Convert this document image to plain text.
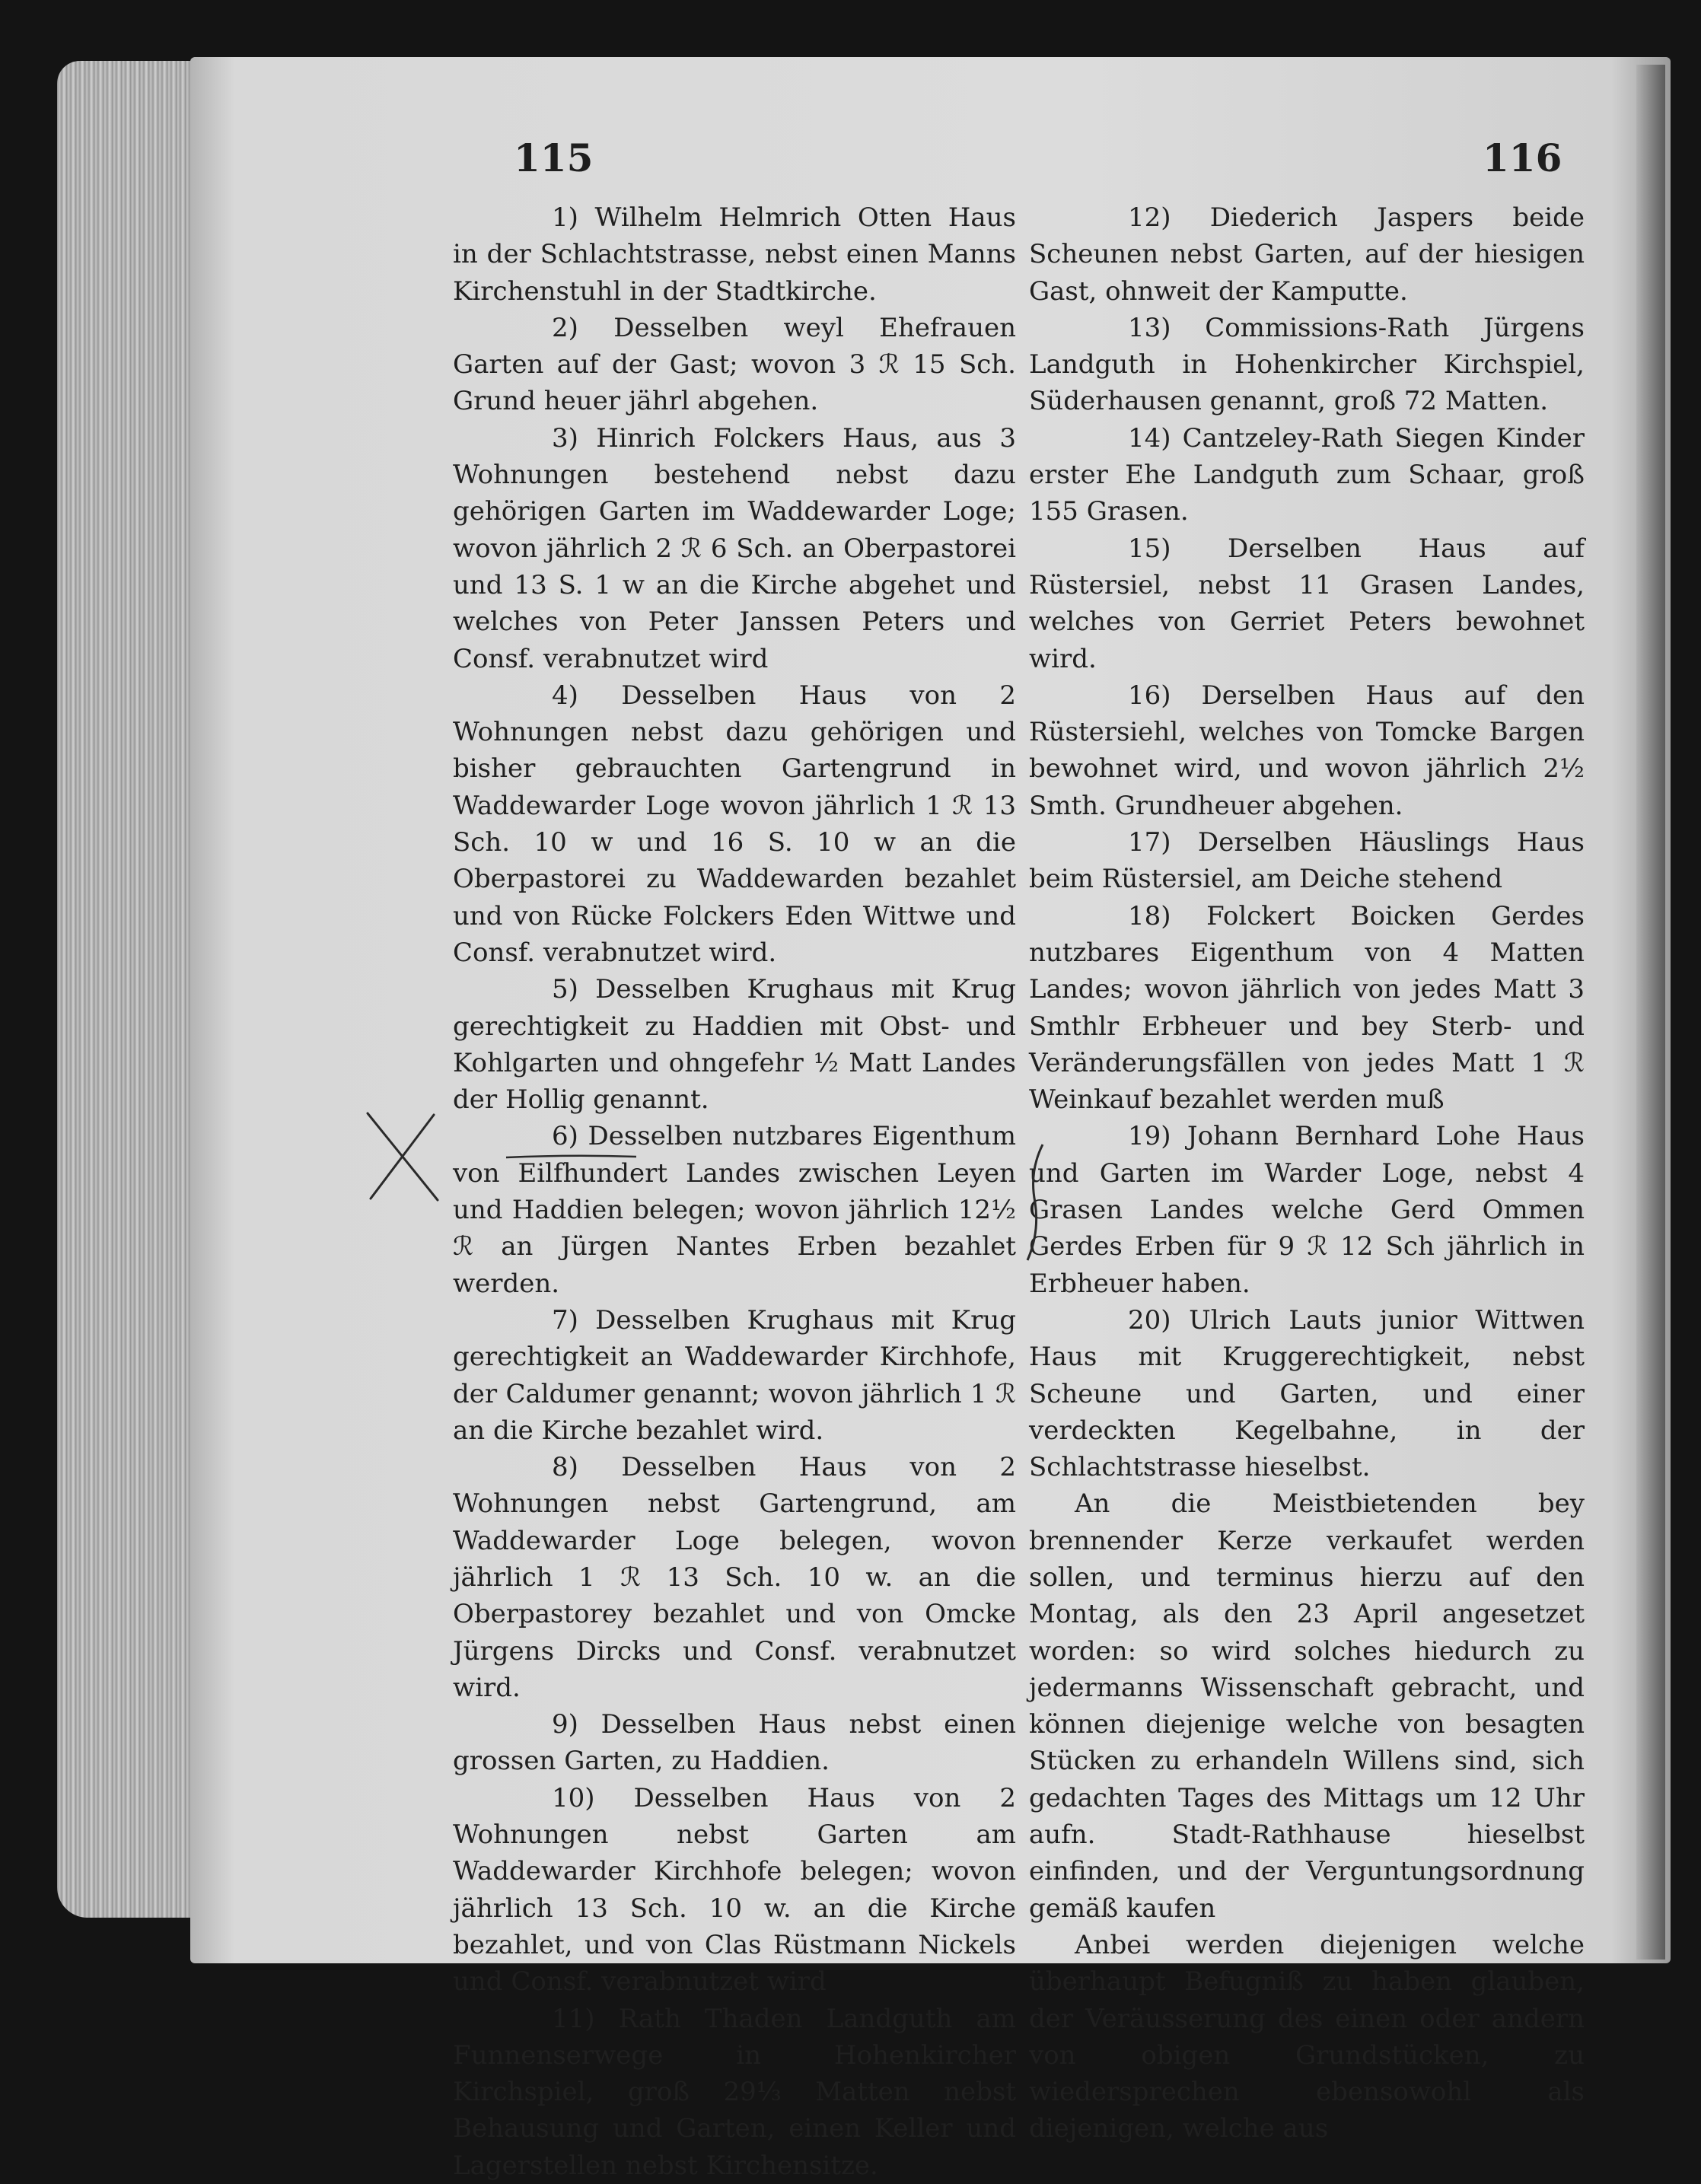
115	116

1) Wilhelm Helmrich Otten Haus in der Schlachtstrasse, nebst einen Manns Kirchenstuhl in der Stadtkirche.

2) Desselben weyl Ehefrauen Garten auf der Gast; wovon 3 ℛ 15 Sch. Grund heuer jährl abgehen.

3) Hinrich Folckers Haus, aus 3 Wohnungen bestehend nebst dazu gehörigen Garten im Waddewarder Loge; wovon jährlich 2 ℛ 6 Sch. an Oberpastorei und 13 S. 1 w an die Kirche abgehet und welches von Peter Janssen Peters und Consf. verabnutzet wird

4) Desselben Haus von 2 Wohnungen nebst dazu gehörigen und bisher gebrauchten Gartengrund in Waddewarder Loge wovon jährlich 1 ℛ 13 Sch. 10 w und 16 S. 10 w an die Oberpastorei zu Waddewarden bezahlet und von Rücke Folckers Eden Wittwe und Consf. verabnutzet wird.

5) Desselben Krughaus mit Krug gerechtigkeit zu Haddien mit Obst- und Kohlgarten und ohngefehr ½ Matt Landes der Hollig genannt.

6) Desselben nutzbares Eigenthum von Eilfhundert Landes zwischen Leyen und Haddien belegen; wovon jährlich 12½ ℛ an Jürgen Nantes Erben bezahlet werden.

7) Desselben Krughaus mit Krug gerechtigkeit an Waddewarder Kirchhofe, der Caldumer genannt; wovon jährlich 1 ℛ an die Kirche bezahlet wird.

8) Desselben Haus von 2 Wohnungen nebst Gartengrund, am Waddewarder Loge belegen, wovon jährlich 1 ℛ 13 Sch. 10 w. an die Oberpastorey bezahlet und von Omcke Jürgens Dircks und Consf. verabnutzet wird.

9) Desselben Haus nebst einen grossen Garten, zu Haddien.

10) Desselben Haus von 2 Wohnungen nebst Garten am Waddewarder Kirchhofe belegen; wovon jährlich 13 Sch. 10 w. an die Kirche bezahlet, und von Clas Rüstmann Nickels und Consf. verabnutzet wird

11) Rath Thaden Landguth am Funnenserwege in Hohenkircher Kirchspiel, groß 29⅓ Matten nebst Behausung und Garten, einen Keller und Lagerstellen nebst Kirchensitze.

12) Diederich Jaspers beide Scheunen nebst Garten, auf der hiesigen Gast, ohnweit der Kamputte.

13) Commissions-Rath Jürgens Landguth in Hohenkircher Kirchspiel, Süderhausen genannt, groß 72 Matten.

14) Cantzeley-Rath Siegen Kinder erster Ehe Landguth zum Schaar, groß 155 Grasen.

15) Derselben Haus auf Rüstersiel, nebst 11 Grasen Landes, welches von Gerriet Peters bewohnet wird.

16) Derselben Haus auf den Rüstersiehl, welches von Tomcke Bargen bewohnet wird, und wovon jährlich 2½ Smth. Grundheuer abgehen.

17) Derselben Häuslings Haus beim Rüstersiel, am Deiche stehend

18) Folckert Boicken Gerdes nutzbares Eigenthum von 4 Matten Landes; wovon jährlich von jedes Matt 3 Smthlr Erbheuer und bey Sterb- und Veränderungsfällen von jedes Matt 1 ℛ Weinkauf bezahlet werden muß

19) Johann Bernhard Lohe Haus und Garten im Warder Loge, nebst 4 Grasen Landes welche Gerd Ommen Gerdes Erben für 9 ℛ 12 Sch jährlich in Erbheuer haben.

20) Ulrich Lauts junior Wittwen Haus mit Kruggerechtigkeit, nebst Scheune und Garten, und einer verdeckten Kegelbahne, in der Schlachtstrasse hieselbst.

An die Meistbietenden bey brennender Kerze verkaufet werden sollen, und terminus hierzu auf den Montag, als den 23 April angesetzet worden: so wird solches hiedurch zu jedermanns Wissenschaft gebracht, und können diejenige welche von besagten Stücken zu erhandeln Willens sind, sich gedachten Tages des Mittags um 12 Uhr aufn. Stadt-Rathhause hieselbst einfinden, und der Verguntungsordnung gemäß kaufen

Anbei werden diejenigen welche überhaupt Befugniß zu haben glauben, der Veräusserung des einen oder andern von obigen Grundstücken, zu wiedersprechen ebensowohl als diejenigen, welche aus
